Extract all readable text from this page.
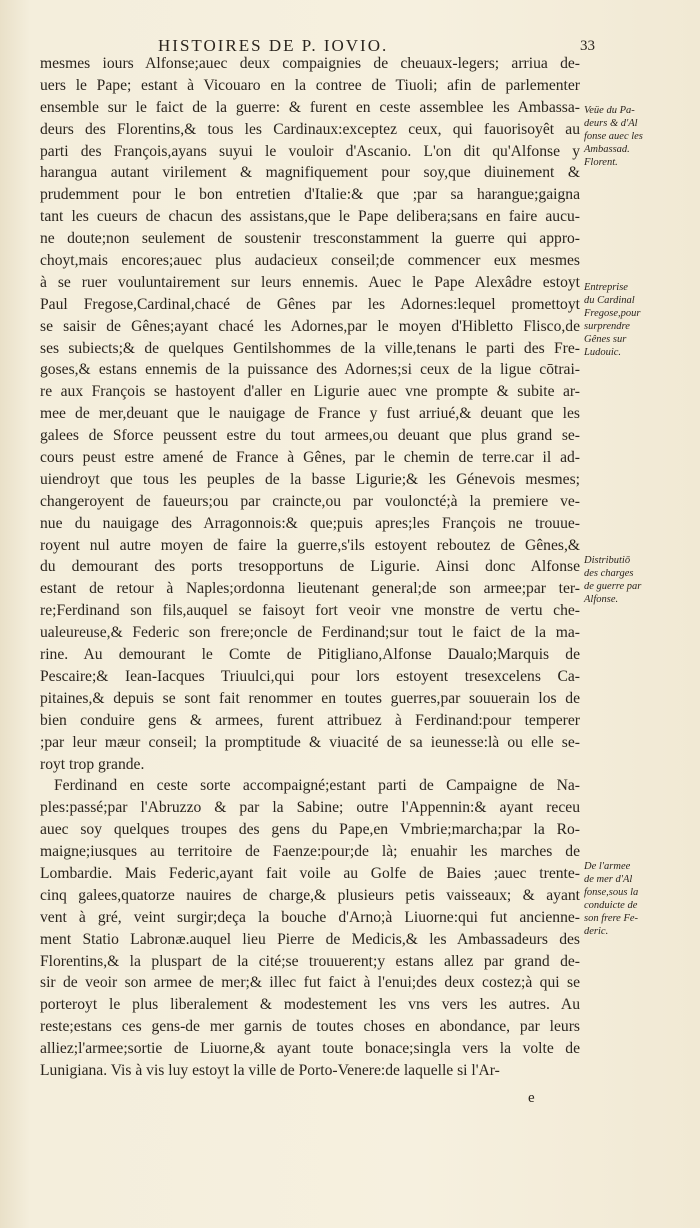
HISTOIRES DE P. IOVIO.	33
mesmes iours Alfonse;auec deux compaignies de cheuaux-legers; arriua de-
uers le Pape; estant à Vicouaro en la contree de Tiuoli; afin de parlementer
ensemble sur le faict de la guerre: & furent en ceste assemblee les Ambassa-
deurs des Florentins,& tous les Cardinaux:exceptez ceux, qui fauorisoyêt au
parti des François,ayans suyui le vouloir d'Ascanio. L'on dit qu'Alfonse y
harangua autant virilement & magnifiquement pour soy,que diuinement &
prudemment pour le bon entretien d'Italie:& que ;par sa harangue;gaigna
tant les cueurs de chacun des assistans,que le Pape delibera;sans en faire aucu-
ne doute;non seulement de soustenir tresconstamment la guerre qui appro-
choyt,mais encores;auec plus audacieux conseil;de commencer eux mesmes
à se ruer vouluntairement sur leurs ennemis. Auec le Pape Alexâdre estoyt
Paul Fregose,Cardinal,chacé de Gênes par les Adornes:lequel promettoyt
se saisir de Gênes;ayant chacé les Adornes,par le moyen d'Hibletto Flisco,de
ses subiects;& de quelques Gentilshommes de la ville,tenans le parti des Fre-
goses,& estans ennemis de la puissance des Adornes;si ceux de la ligue cōtrai-
re aux François se hastoyent d'aller en Ligurie auec vne prompte & subite ar-
mee de mer,deuant que le nauigage de France y fust arriué,& deuant que les
galees de Sforce peussent estre du tout armees,ou deuant que plus grand se-
cours peust estre amené de France à Gênes, par le chemin de terre.car il ad-
uiendroyt que tous les peuples de la basse Ligurie;& les Génevois mesmes;
changeroyent de faueurs;ou par craincte,ou par vouloncté;à la premiere ve-
nue du nauigage des Arragonnois:& que;puis apres;les François ne trouue-
royent nul autre moyen de faire la guerre,s'ils estoyent reboutez de Gênes,&
du demourant des ports tresopportuns de Ligurie. Ainsi donc Alfonse
estant de retour à Naples;ordonna lieutenant general;de son armee;par ter-
re;Ferdinand son fils,auquel se faisoyt fort veoir vne monstre de vertu che-
ualeureuse,& Federic son frere;oncle de Ferdinand;sur tout le faict de la ma-
rine. Au demourant le Comte de Pitigliano,Alfonse Daualo;Marquis de
Pescaire;& Iean-Iacques Triuulci,qui pour lors estoyent tresexcelens Ca-
pitaines,& depuis se sont fait renommer en toutes guerres,par souuerain los de
bien conduire gens & armees, furent attribuez à Ferdinand:pour temperer
;par leur mæur conseil; la promptitude & viuacité de sa ieunesse:là ou elle se-
royt trop grande.
Ferdinand en ceste sorte accompaigné;estant parti de Campaigne de Na-
ples:passé;par l'Abruzzo & par la Sabine; outre l'Appennin:& ayant receu
auec soy quelques troupes des gens du Pape,en Vmbrie;marcha;par la Ro-
maigne;iusques au territoire de Faenze:pour;de là; enuahir les marches de
Lombardie. Mais Federic,ayant fait voile au Golfe de Baies ;auec trente-
cinq galees,quatorze nauires de charge,& plusieurs petis vaisseaux; & ayant
vent à gré, veint surgir;deça la bouche d'Arno;à Liuorne:qui fut ancienne-
ment Statio Labronæ.auquel lieu Pierre de Medicis,& les Ambassadeurs des
Florentins,& la pluspart de la cité;se trouuerent;y estans allez par grand de-
sir de veoir son armee de mer;& illec fut faict à l'enui;des deux costez;à qui se
porteroyt le plus liberalement & modestement les vns vers les autres. Au
reste;estans ces gens-de mer garnis de toutes choses en abondance, par leurs
alliez;l'armee;sortie de Liuorne,& ayant toute bonace;singla vers la volte de
Lunigiana. Vis à vis luy estoyt la ville de Porto-Venere:de laquelle si l'Ar-
Veüe du Pa-
deurs & d'Al
fonse auec les
Ambassad.
Florent.
Entreprise
du Cardinal
Fregose,pour
surprendre
Gênes sur
Ludouic.
Distributiō
des charges
de guerre par
Alfonse.
De l'armee
de mer d'Al
fonse,sous la
conduicte de
son frere Fe-
deric.
e
